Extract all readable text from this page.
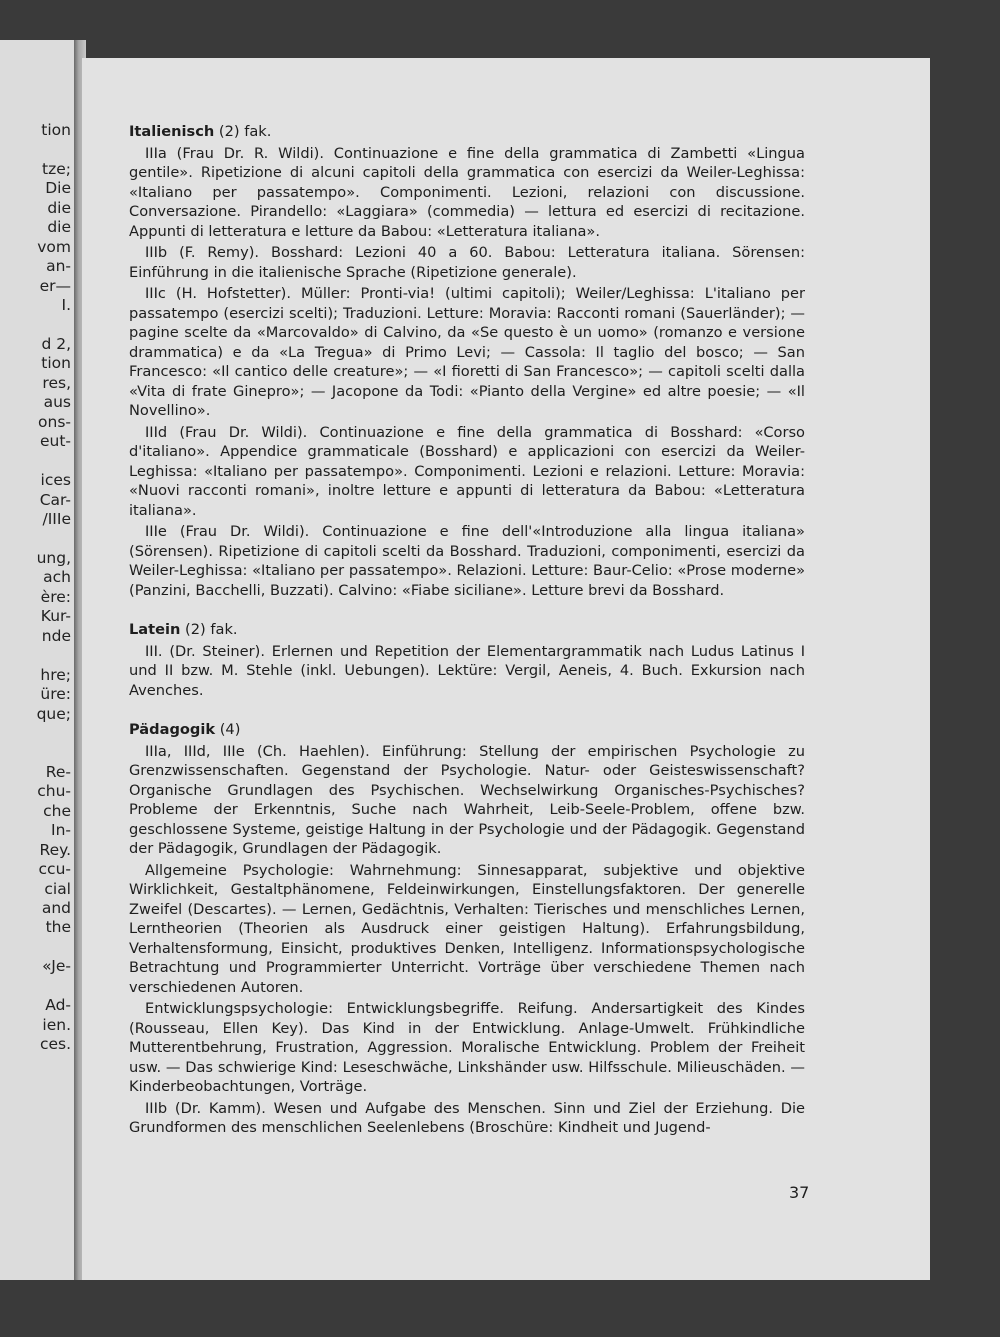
tion
tze;
Die
die
die
vom
an-
er—
I.
d 2,
tion
res,
aus
ons-
eut-
ices
Car-
/IIIe
ung,
ach
ère:
Kur-
nde
hre;
üre:
que;
Re-
chu-
che
In-
Rey.
ccu-
cial
and
the
«Je-
Ad-
ien.
ces.
Italienisch (2) fak.

IIIa (Frau Dr. R. Wildi). Continuazione e fine della grammatica di Zambetti «Lingua gentile». Ripetizione di alcuni capitoli della grammatica con esercizi da Weiler-Leghissa: «Italiano per passatempo». Componimenti. Lezioni, relazioni con discussione. Conversazione. Pirandello: «Laggiara» (commedia) — lettura ed esercizi di recitazione. Appunti di letteratura e letture da Babou: «Letteratura italiana».

IIIb (F. Remy). Bosshard: Lezioni 40 a 60. Babou: Letteratura italiana. Sörensen: Einführung in die italienische Sprache (Ripetizione generale).

IIIc (H. Hofstetter). Müller: Pronti-via! (ultimi capitoli); Weiler/Leghissa: L'italiano per passatempo (esercizi scelti); Traduzioni. Letture: Moravia: Racconti romani (Sauerländer); — pagine scelte da «Marcovaldo» di Calvino, da «Se questo è un uomo» (romanzo e versione drammatica) e da «La Tregua» di Primo Levi; — Cassola: Il taglio del bosco; — San Francesco: «Il cantico delle creature»; — «I fioretti di San Francesco»; — capitoli scelti dalla «Vita di frate Ginepro»; — Jacopone da Todi: «Pianto della Vergine» ed altre poesie; — «Il Novellino».

IIId (Frau Dr. Wildi). Continuazione e fine della grammatica di Bosshard: «Corso d'italiano». Appendice grammaticale (Bosshard) e applicazioni con esercizi da Weiler-Leghissa: «Italiano per passatempo». Componimenti. Lezioni e relazioni. Letture: Moravia: «Nuovi racconti romani», inoltre letture e appunti di letteratura da Babou: «Letteratura italiana».

IIIe (Frau Dr. Wildi). Continuazione e fine dell'«Introduzione alla lingua italiana» (Sörensen). Ripetizione di capitoli scelti da Bosshard. Traduzioni, componimenti, esercizi da Weiler-Leghissa: «Italiano per passatempo». Relazioni. Letture: Baur-Celio: «Prose moderne» (Panzini, Bacchelli, Buzzati). Calvino: «Fiabe siciliane». Letture brevi da Bosshard.

Latein (2) fak.

III. (Dr. Steiner). Erlernen und Repetition der Elementargrammatik nach Ludus Latinus I und II bzw. M. Stehle (inkl. Uebungen). Lektüre: Vergil, Aeneis, 4. Buch. Exkursion nach Avenches.

Pädagogik (4)

IIIa, IIId, IIIe (Ch. Haehlen). Einführung: Stellung der empirischen Psychologie zu Grenzwissenschaften. Gegenstand der Psychologie. Natur- oder Geisteswissenschaft? Organische Grundlagen des Psychischen. Wechselwirkung Organisches-Psychisches? Probleme der Erkenntnis, Suche nach Wahrheit, Leib-Seele-Problem, offene bzw. geschlossene Systeme, geistige Haltung in der Psychologie und der Pädagogik. Gegenstand der Pädagogik, Grundlagen der Pädagogik.

Allgemeine Psychologie: Wahrnehmung: Sinnesapparat, subjektive und objektive Wirklichkeit, Gestaltphänomene, Feldeinwirkungen, Einstellungsfaktoren. Der generelle Zweifel (Descartes). — Lernen, Gedächtnis, Verhalten: Tierisches und menschliches Lernen, Lerntheorien (Theorien als Ausdruck einer geistigen Haltung). Erfahrungsbildung, Verhaltensformung, Einsicht, produktives Denken, Intelligenz. Informationspsychologische Betrachtung und Programmierter Unterricht. Vorträge über verschiedene Themen nach verschiedenen Autoren.

Entwicklungspsychologie: Entwicklungsbegriffe. Reifung. Andersartigkeit des Kindes (Rousseau, Ellen Key). Das Kind in der Entwicklung. Anlage-Umwelt. Frühkindliche Mutterentbehrung, Frustration, Aggression. Moralische Entwicklung. Problem der Freiheit usw. — Das schwierige Kind: Leseschwäche, Linkshänder usw. Hilfsschule. Milieuschäden. — Kinderbeobachtungen, Vorträge.

IIIb (Dr. Kamm). Wesen und Aufgabe des Menschen. Sinn und Ziel der Erziehung. Die Grundformen des menschlichen Seelenlebens (Broschüre: Kindheit und Jugend-

37
